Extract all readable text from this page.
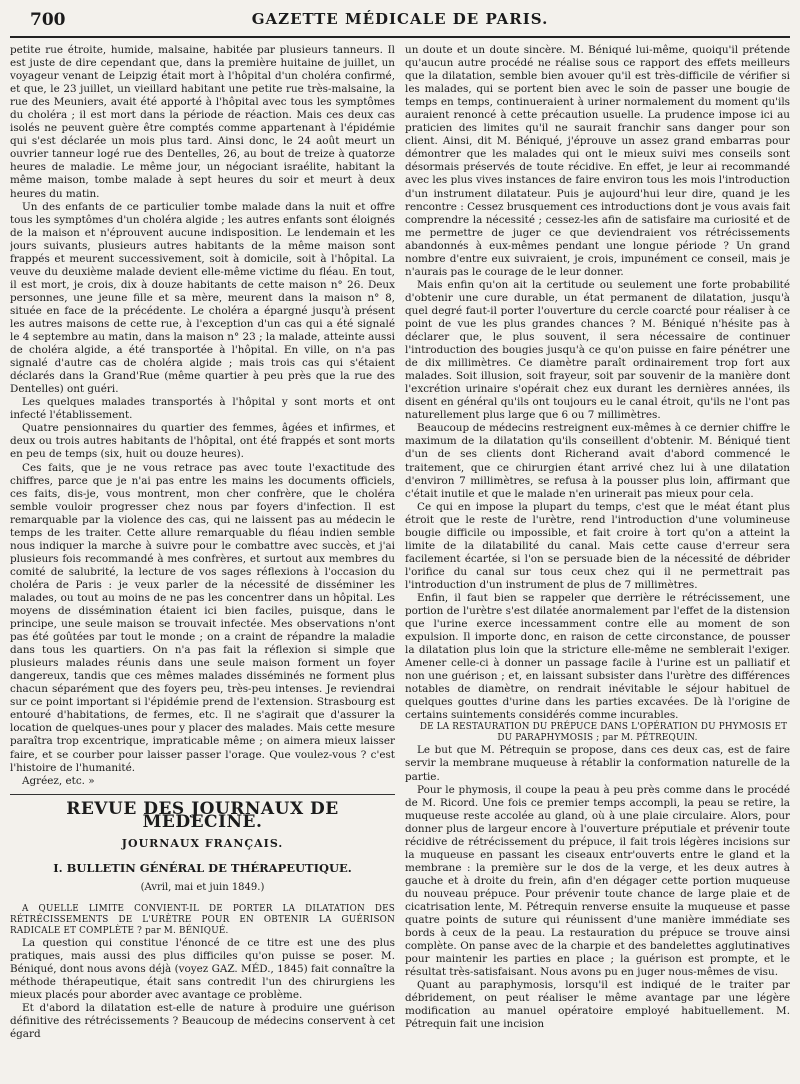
700	GAZETTE MÉDICALE DE PARIS.

petite rue étroite, humide, malsaine, habitée par plusieurs tanneurs. Il est juste de dire cependant que, dans la première huitaine de juillet, un voyageur venant de Leipzig était mort à l'hôpital d'un choléra confirmé, et que, le 23 juillet, un vieillard habitant une petite rue très-malsaine, la rue des Meuniers, avait été apporté à l'hôpital avec tous les symptômes du choléra ; il est mort dans la période de réaction. Mais ces deux cas isolés ne peuvent guère être comptés comme appartenant à l'épidémie qui s'est déclarée un mois plus tard. Ainsi donc, le 24 août meurt un ouvrier tanneur logé rue des Dentelles, 26, au bout de treize à quatorze heures de maladie. Le même jour, un négociant israélite, habitant la même maison, tombe malade à sept heures du soir et meurt à deux heures du matin.

Un des enfants de ce particulier tombe malade dans la nuit et offre tous les symptômes d'un choléra algide ; les autres enfants sont éloignés de la maison et n'éprouvent aucune indisposition. Le lendemain et les jours suivants, plusieurs autres habitants de la même maison sont frappés et meurent successivement, soit à domicile, soit à l'hôpital. La veuve du deuxième malade devient elle-même victime du fléau. En tout, il est mort, je crois, dix à douze habitants de cette maison n° 26. Deux personnes, une jeune fille et sa mère, meurent dans la maison n° 8, située en face de la précédente. Le choléra a épargné jusqu'à présent les autres maisons de cette rue, à l'exception d'un cas qui a été signalé le 4 septembre au matin, dans la maison n° 23 ; la malade, atteinte aussi de choléra algide, a été transportée à l'hôpital. En ville, on n'a pas signalé d'autre cas de choléra algide ; mais trois cas qui s'étaient déclarés dans la Grand'Rue (même quartier à peu près que la rue des Dentelles) ont guéri.

Les quelques malades transportés à l'hôpital y sont morts et ont infecté l'établissement.

Quatre pensionnaires du quartier des femmes, âgées et infirmes, et deux ou trois autres habitants de l'hôpital, ont été frappés et sont morts en peu de temps (six, huit ou douze heures).

Ces faits, que je ne vous retrace pas avec toute l'exactitude des chiffres, parce que je n'ai pas entre les mains les documents officiels, ces faits, dis-je, vous montrent, mon cher confrère, que le choléra semble vouloir progresser chez nous par foyers d'infection. Il est remarquable par la violence des cas, qui ne laissent pas au médecin le temps de les traiter. Cette allure remarquable du fléau indien semble nous indiquer la marche à suivre pour le combattre avec succès, et j'ai plusieurs fois recommandé à mes confrères, et surtout aux membres du comité de salubrité, la lecture de vos sages réflexions à l'occasion du choléra de Paris : je veux parler de la nécessité de disséminer les malades, ou tout au moins de ne pas les concentrer dans un hôpital. Les moyens de dissémination étaient ici bien faciles, puisque, dans le principe, une seule maison se trouvait infectée. Mes observations n'ont pas été goûtées par tout le monde ; on a craint de répandre la maladie dans tous les quartiers. On n'a pas fait la réflexion si simple que plusieurs malades réunis dans une seule maison forment un foyer dangereux, tandis que ces mêmes malades disséminés ne forment plus chacun séparément que des foyers peu, très-peu intenses. Je reviendrai sur ce point important si l'épidémie prend de l'extension. Strasbourg est entouré d'habitations, de fermes, etc. Il ne s'agirait que d'assurer la location de quelques-unes pour y placer des malades. Mais cette mesure paraîtra trop excentrique, impraticable même ; on aimera mieux laisser faire, et se courber pour laisser passer l'orage. Que voulez-vous ? c'est l'histoire de l'humanité.

Agréez, etc. »

REVUE DES JOURNAUX DE MÉDECINE.
JOURNAUX FRANÇAIS.
I. BULLETIN GÉNÉRAL DE THÉRAPEUTIQUE.
(Avril, mai et juin 1849.)

A QUELLE LIMITE CONVIENT-IL DE PORTER LA DILATATION DES RÉTRÉCISSEMENTS DE L'URÈTRE POUR EN OBTENIR LA GUÉRISON RADICALE ET COMPLÈTE ? par M. BÉNIQUÉ.

La question qui constitue l'énoncé de ce titre est une des plus pratiques, mais aussi des plus difficiles qu'on puisse se poser. M. Béniqué, dont nous avons déjà (voyez GAZ. MÉD., 1845) fait connaître la méthode thérapeutique, était sans contredit l'un des chirurgiens les mieux placés pour aborder avec avantage ce problème.

Et d'abord la dilatation est-elle de nature à produire une guérison définitive des rétrécissements ? Beaucoup de médecins conservent à cet égard

un doute et un doute sincère. M. Béniqué lui-même, quoiqu'il prétende qu'aucun autre procédé ne réalise sous ce rapport des effets meilleurs que la dilatation, semble bien avouer qu'il est très-difficile de vérifier si les malades, qui se portent bien avec le soin de passer une bougie de temps en temps, continueraient à uriner normalement du moment qu'ils auraient renoncé à cette précaution usuelle. La prudence impose ici au praticien des limites qu'il ne saurait franchir sans danger pour son client. Ainsi, dit M. Béniqué, j'éprouve un assez grand embarras pour démontrer que les malades qui ont le mieux suivi mes conseils sont désormais préservés de toute récidive. En effet, je leur ai recommandé avec les plus vives instances de faire environ tous les mois l'introduction d'un instrument dilatateur. Puis je aujourd'hui leur dire, quand je les rencontre : Cessez brusquement ces introductions dont je vous avais fait comprendre la nécessité ; cessez-les afin de satisfaire ma curiosité et de me permettre de juger ce que deviendraient vos rétrécissements abandonnés à eux-mêmes pendant une longue période ? Un grand nombre d'entre eux suivraient, je crois, impunément ce conseil, mais je n'aurais pas le courage de le leur donner.

Mais enfin qu'on ait la certitude ou seulement une forte probabilité d'obtenir une cure durable, un état permanent de dilatation, jusqu'à quel degré faut-il porter l'ouverture du cercle coarcté pour réaliser à ce point de vue les plus grandes chances ? M. Béniqué n'hésite pas à déclarer que, le plus souvent, il sera nécessaire de continuer l'introduction des bougies jusqu'à ce qu'on puisse en faire pénétrer une de dix millimètres. Ce diamètre paraît ordinairement trop fort aux malades. Soit illusion, soit frayeur, soit par souvenir de la manière dont l'excrétion urinaire s'opérait chez eux durant les dernières années, ils disent en général qu'ils ont toujours eu le canal étroit, qu'ils ne l'ont pas naturellement plus large que 6 ou 7 millimètres.

Beaucoup de médecins restreignent eux-mêmes à ce dernier chiffre le maximum de la dilatation qu'ils conseillent d'obtenir. M. Béniqué tient d'un de ses clients dont Richerand avait d'abord commencé le traitement, que ce chirurgien étant arrivé chez lui à une dilatation d'environ 7 millimètres, se refusa à la pousser plus loin, affirmant que c'était inutile et que le malade n'en urinerait pas mieux pour cela.

Ce qui en impose la plupart du temps, c'est que le méat étant plus étroit que le reste de l'urètre, rend l'introduction d'une volumineuse bougie difficile ou impossible, et fait croire à tort qu'on a atteint la limite de la dilatabilité du canal. Mais cette cause d'erreur sera facilement écartée, si l'on se persuade bien de la nécessité de débrider l'orifice du canal sur tous ceux chez qui il ne permettrait pas l'introduction d'un instrument de plus de 7 millimètres.

Enfin, il faut bien se rappeler que derrière le rétrécissement, une portion de l'urètre s'est dilatée anormalement par l'effet de la distension que l'urine exerce incessamment contre elle au moment de son expulsion. Il importe donc, en raison de cette circonstance, de pousser la dilatation plus loin que la stricture elle-même ne semblerait l'exiger. Amener celle-ci à donner un passage facile à l'urine est un palliatif et non une guérison ; et, en laissant subsister dans l'urètre des différences notables de diamètre, on rendrait inévitable le séjour habituel de quelques gouttes d'urine dans les parties excavées. De là l'origine de certains suintements considérés comme incurables.

DE LA RESTAURATION DU PRÉPUCE DANS L'OPÉRATION DU PHYMOSIS ET DU PARAPHYMOSIS ; par M. PÉTREQUIN.

Le but que M. Pétrequin se propose, dans ces deux cas, est de faire servir la membrane muqueuse à rétablir la conformation naturelle de la partie.

Pour le phymosis, il coupe la peau à peu près comme dans le procédé de M. Ricord. Une fois ce premier temps accompli, la peau se retire, la muqueuse reste accolée au gland, où à une plaie circulaire. Alors, pour donner plus de largeur encore à l'ouverture préputiale et prévenir toute récidive de rétrécissement du prépuce, il fait trois légères incisions sur la muqueuse en passant les ciseaux entr'ouverts entre le gland et la membrane : la première sur le dos de la verge, et les deux autres à gauche et à droite du frein, afin d'en dégager cette portion muqueuse du nouveau prépuce. Pour prévenir toute chance de large plaie et de cicatrisation lente, M. Pétrequin renverse ensuite la muqueuse et passe quatre points de suture qui réunissent d'une manière immédiate ses bords à ceux de la peau. La restauration du prépuce se trouve ainsi complète. On panse avec de la charpie et des bandelettes agglutinatives pour maintenir les parties en place ; la guérison est prompte, et le résultat très-satisfaisant. Nous avons pu en juger nous-mêmes de visu.

Quant au paraphymosis, lorsqu'il est indiqué de le traiter par débridement, on peut réaliser le même avantage par une légère modification au manuel opératoire employé habituellement. M. Pétrequin fait une incision
